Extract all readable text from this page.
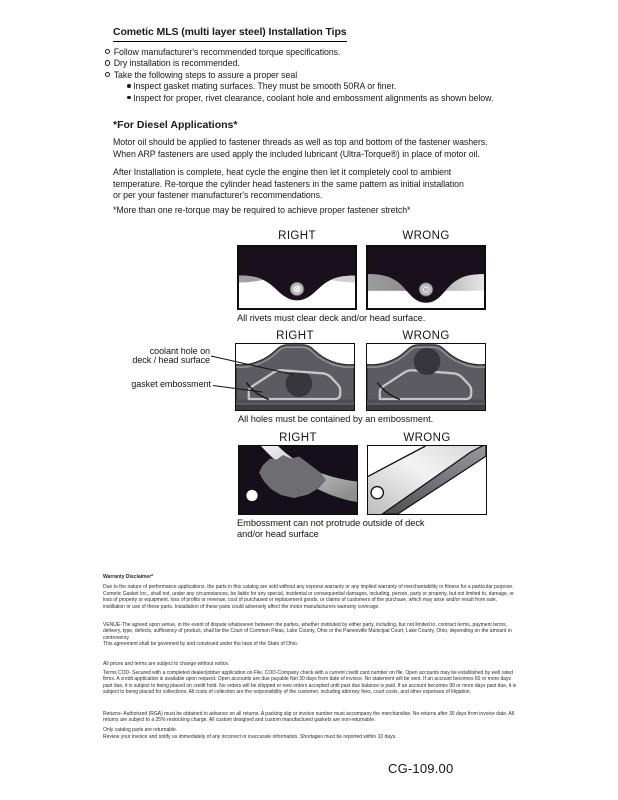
Cometic MLS (multi layer steel) Installation Tips
Follow manufacturer's recommended torque specifications.
Dry installation is recommended.
Take the following steps to assure a proper seal
Inspect gasket mating surfaces. They must be smooth 50RA or finer.
Inspect for proper, rivet clearance, coolant hole and embossment alignments as shown below.
*For Diesel Applications*
Motor oil should be applied to fastener threads as well as top and bottom of the fastener washers.
When ARP fasteners are used apply the included lubricant (Ultra-Torque®) in place of motor oil.
After Installation is complete, heat cycle the engine then let it completely cool to ambient
temperature. Re-torque the cylinder head fasteners in the same pattern as initial installation
or per your fastener manufacturer's recommendations.
*More than one re-torque may be required to achieve proper fastener stretch*
RIGHT	WRONG
All rivets must clear deck and/or head surface.
RIGHT	WRONG
coolant hole on
deck / head surface
gasket embossment
All holes must be contained by an embossment.
RIGHT	WRONG
Embossment can not protrude outside of deck
and/or head surface
Warranty Disclaimer*
Due to the nature of performance applications, the parts in this catalog are sold without any express warranty or any implied warranty of merchantability or fitness for a particular purpose. Cometic Gasket Inc., shall not, under any circumstances, be liable for any special, incidental or consequential damages, including, person, party or property, but not limited to, damage, or loss of property or equipment, loss of profits or revenue, cost of purchased or replacement goods, or claims of customers of the purchase, which may arise and/or result from sale, instillation or use of these parts. Installation of these parts could adversely affect the motor manufacturers warranty coverage.
VENUE-The agreed upon venue, in the event of dispute whatsoever between the parties, whether instituted by either party, including, but not limited to, contract terms, payment terms, delivery, type, defects, sufficiency of product, shall be the Court of Common Pleas, Lake County, Ohio or the Painesville Municipal Court, Lake County, Ohio, depending on the amount in controversy.
This agreement shall be governed by and construed under the laws of the State of Ohio.
All prices and terms are subject to change without notice.
Terms COD- Secured with a completed dealer/jobber application on File, COD-Company check with a current credit card number on file. Open accounts may be established by well rated firms. A credit application is available upon request. Open accounts are due payable Net 30 days from date of invoice. No statement will be sent. If an account becomes 60 or more days past due, it is subject to being placed on credit hold. No orders will be shipped or new orders accepted until past due balance is paid. If an account becomes 90 or more days past due, it is subject to being placed for collections. All costs of collection are the responsibility of the customer, including attorney fees, court costs, and other expenses of litigation.
Returns- Authorized (RGA) must be obtained in advance on all returns. A packing slip or invoice number must accompany the merchandise. No returns after 30 days from invoice date. All returns are subject to a 25% restocking charge. All custom designed and custom manufactured gaskets are non-returnable.
Only catalog parts are returnable.
Review your invoice and notify us immediately of any incorrect or inaccurate information. Shortages must be reported within 10 days.
CG-109.00
